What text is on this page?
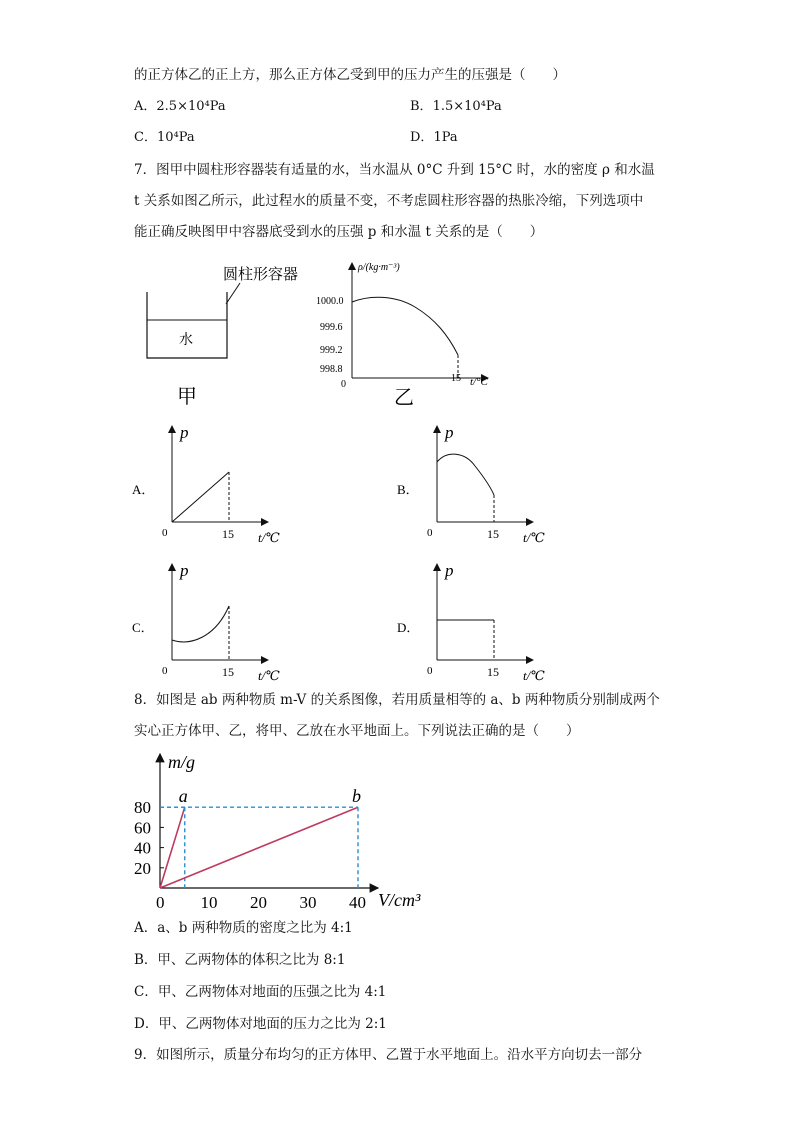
的正方体乙的正上方，那么正方体乙受到甲的压力产生的压强是（　　）
A．2.5×10⁴Pa	B．1.5×10⁴Pa
C．10⁴Pa	D．1Pa
7．图甲中圆柱形容器装有适量的水，当水温从 0°C 升到 15°C 时，水的密度 ρ 和水温
t 关系如图乙所示，此过程水的质量不变，不考虑圆柱形容器的热胀冷缩，下列选项中
能正确反映图甲中容器底受到水的压强 p 和水温 t 关系的是（　　）
圆柱形容器
水
甲
ρ/(kg·m⁻³)
1000.0
999.6
999.2
998.8
0
15 t/°C
乙
A．
p
0	15 t/℃
B．
p
0	15 t/℃
C．
p
0	15 t/℃
D．
p
0	15 t/℃
8．如图是 ab 两种物质 m-V 的关系图像，若用质量相等的 a、b 两种物质分别制成两个
实心正方体甲、乙，将甲、乙放在水平地面上。下列说法正确的是（　　）
m/g
V/cm³
20
40
60
80
0 10 20 30 40
a	b
A．a、b 两种物质的密度之比为 4:1
B．甲、乙两物体的体积之比为 8:1
C．甲、乙两物体对地面的压强之比为 4:1
D．甲、乙两物体对地面的压力之比为 2:1
9．如图所示，质量分布均匀的正方体甲、乙置于水平地面上。沿水平方向切去一部分
